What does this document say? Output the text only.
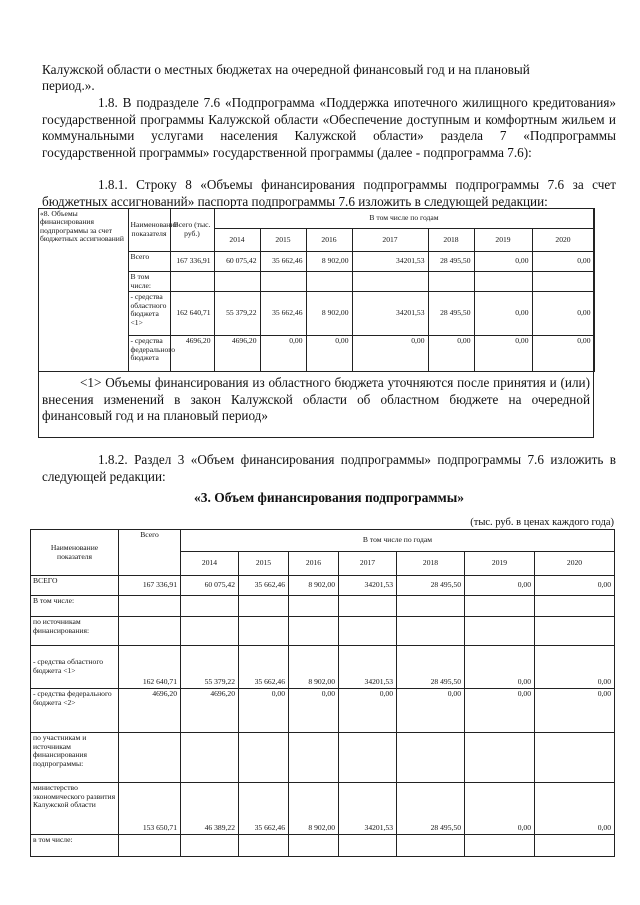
Калужской области о местных бюджетах на очередной финансовый год и на плановый

период.».

1.8. В подразделе 7.6 «Подпрограмма «Поддержка ипотечного жилищного кредитования» государственной программы Калужской области «Обеспечение доступным и комфортным жильем и коммунальными услугами населения Калужской области» раздела 7 «Подпрограммы государственной программы» государственной программы (далее - подпрограмма 7.6):

1.8.1. Строку 8 «Объемы финансирования подпрограммы подпрограммы 7.6 за счет бюджетных ассигнований» паспорта подпрограммы 7.6 изложить в следующей редакции:

«8. Объемы финансирования подпрограммы за счет бюджетных ассигнований	Наименование показателя	Всего (тыс. руб.)	В том числе по годам						
			2014	2015	2016	2017	2018	2019	2020
	Всего	167 336,91	60 075,42	35 662,46	8 902,00	34201,53	28 495,50	0,00	0,00
	В том числе:								
	- средства областного бюджета <1>	162 640,71	55 379,22	35 662,46	8 902,00	34201,53	28 495,50	0,00	0,00
	- средства федерального бюджета	4696,20	4696,20	0,00	0,00	0,00	0,00	0,00	0,00
<1> Объемы финансирования из областного бюджета уточняются после принятия и (или) внесения изменений в закон Калужской области об областном бюджете на очередной финансовый год и на плановый период»

1.8.2. Раздел 3 «Объем финансирования подпрограммы» подпрограммы 7.6 изложить в следующей редакции:

«3. Объем финансирования подпрограммы»

(тыс. руб. в ценах каждого года)
Наименование показателя	Всего	В том числе по годам						
		2014	2015	2016	2017	2018	2019	2020
ВСЕГО	167 336,91	60 075,42	35 662,46	8 902,00	34201,53	28 495,50	0,00	0,00
В том числе:								
по источникам финансирования:								
- средства областного бюджета <1>	162 640,71	55 379,22	35 662,46	8 902,00	34201,53	28 495,50	0,00	0,00
- средства федерального бюджета <2>	4696,20	4696,20	0,00	0,00	0,00	0,00	0,00	0,00
по участникам и источникам финансирования подпрограммы:								
министерство экономического развития Калужской области	153 650,71	46 389,22	35 662,46	8 902,00	34201,53	28 495,50	0,00	0,00
в том числе:								
